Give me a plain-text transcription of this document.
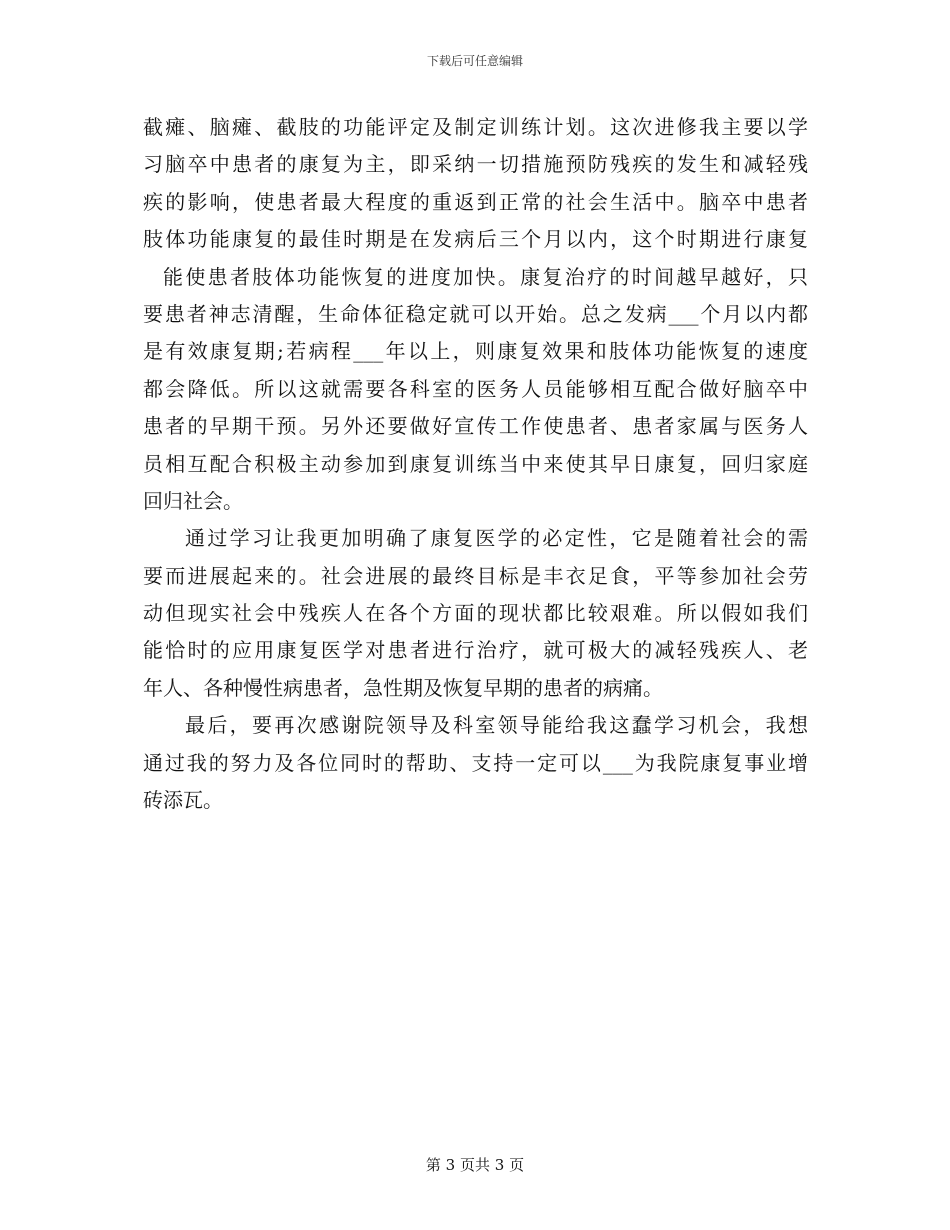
下载后可任意编辑
截瘫、脑瘫、截肢的功能评定及制定训练计划。这次进修我主要以学
习脑卒中患者的康复为主，即采纳一切措施预防残疾的发生和减轻残
疾的影响，使患者最大程度的重返到正常的社会生活中。脑卒中患者
肢体功能康复的最佳时期是在发病后三个月以内，这个时期进行康复
能使患者肢体功能恢复的进度加快。康复治疗的时间越早越好，只
要患者神志清醒，生命体征稳定就可以开始。总之发病___个月以内都
是有效康复期;若病程___年以上，则康复效果和肢体功能恢复的速度
都会降低。所以这就需要各科室的医务人员能够相互配合做好脑卒中
患者的早期干预。另外还要做好宣传工作使患者、患者家属与医务人
员相互配合积极主动参加到康复训练当中来使其早日康复，回归家庭
回归社会。
通过学习让我更加明确了康复医学的必定性，它是随着社会的需
要而进展起来的。社会进展的最终目标是丰衣足食，平等参加社会劳
动但现实社会中残疾人在各个方面的现状都比较艰难。所以假如我们
能恰时的应用康复医学对患者进行治疗，就可极大的减轻残疾人、老
年人、各种慢性病患者，急性期及恢复早期的患者的病痛。
最后，要再次感谢院领导及科室领导能给我这蠢学习机会，我想
通过我的努力及各位同时的帮助、支持一定可以___为我院康复事业增
砖添瓦。
第 3 页共 3 页
